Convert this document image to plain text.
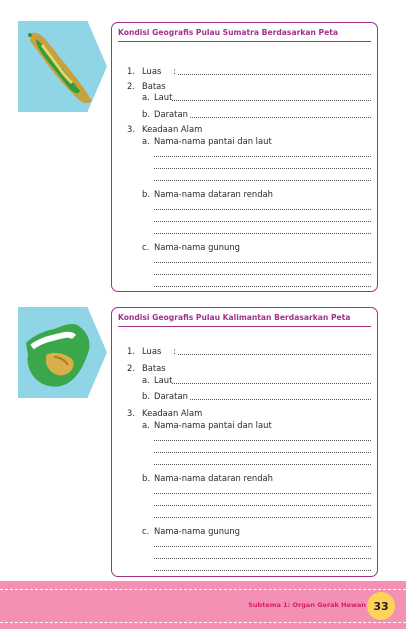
Kondisi Geografis Pulau Sumatra Berdasarkan Peta
1. Luas :
2. Batas
a. Laut
b. Daratan
3. Keadaan Alam
a. Nama-nama pantai dan laut
b. Nama-nama dataran rendah
c. Nama-nama gunung
Kondisi Geografis Pulau Kalimantan Berdasarkan Peta
1. Luas :
2. Batas
a. Laut
b. Daratan
3. Keadaan Alam
a. Nama-nama pantai dan laut
b. Nama-nama dataran rendah
c. Nama-nama gunung
Subtema 1: Organ Gerak Hewan 33
